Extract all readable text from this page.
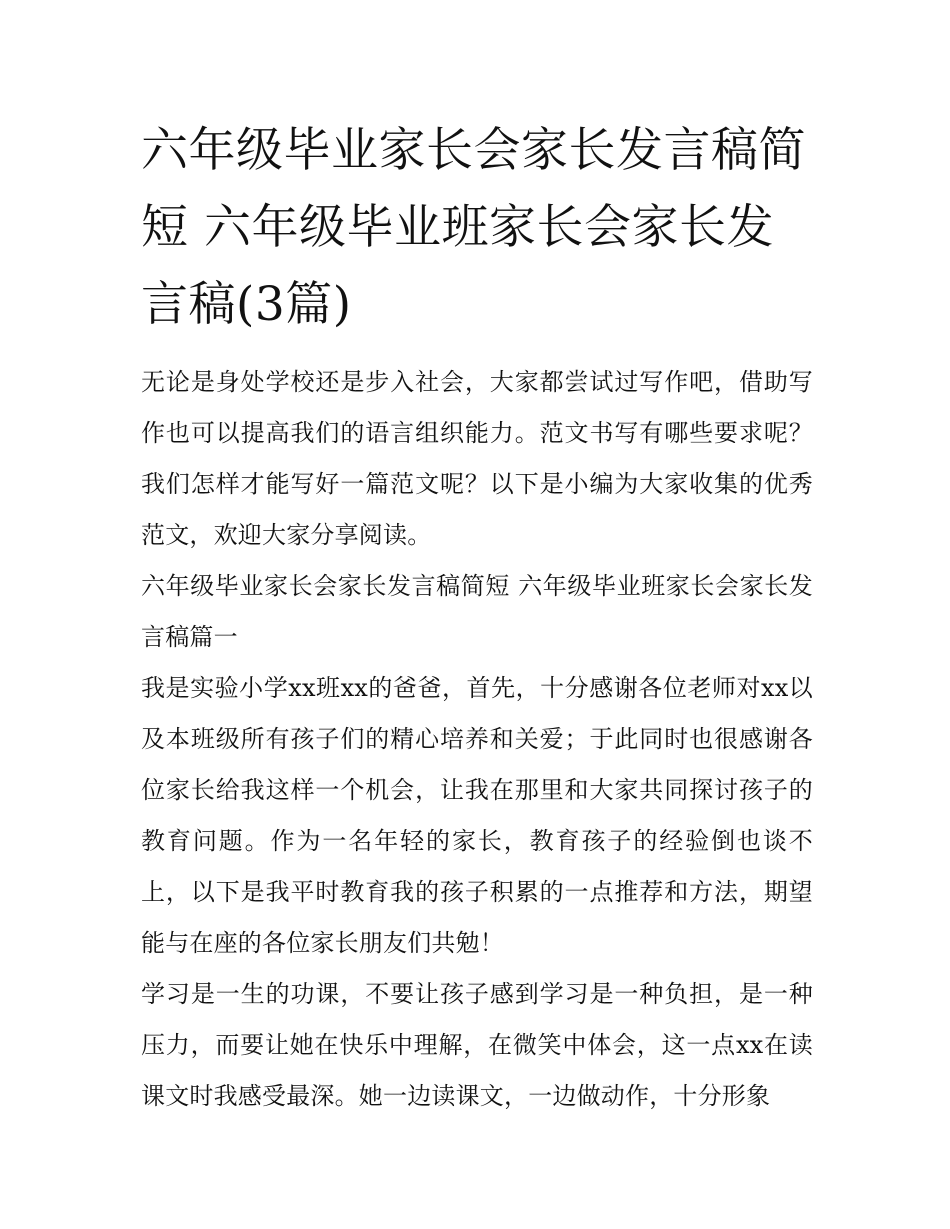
六年级毕业家长会家长发言稿简短 六年级毕业班家长会家长发言稿(3篇)

无论是身处学校还是步入社会，大家都尝试过写作吧，借助写作也可以提高我们的语言组织能力。范文书写有哪些要求呢？我们怎样才能写好一篇范文呢？以下是小编为大家收集的优秀范文，欢迎大家分享阅读。

六年级毕业家长会家长发言稿简短 六年级毕业班家长会家长发言稿篇一

我是实验小学xx班xx的爸爸，首先，十分感谢各位老师对xx以及本班级所有孩子们的精心培养和关爱；于此同时也很感谢各位家长给我这样一个机会，让我在那里和大家共同探讨孩子的教育问题。作为一名年轻的家长，教育孩子的经验倒也谈不上，以下是我平时教育我的孩子积累的一点推荐和方法，期望能与在座的各位家长朋友们共勉！

学习是一生的功课，不要让孩子感到学习是一种负担，是一种压力，而要让她在快乐中理解，在微笑中体会，这一点xx在读课文时我感受最深。她一边读课文，一边做动作，十分形象
